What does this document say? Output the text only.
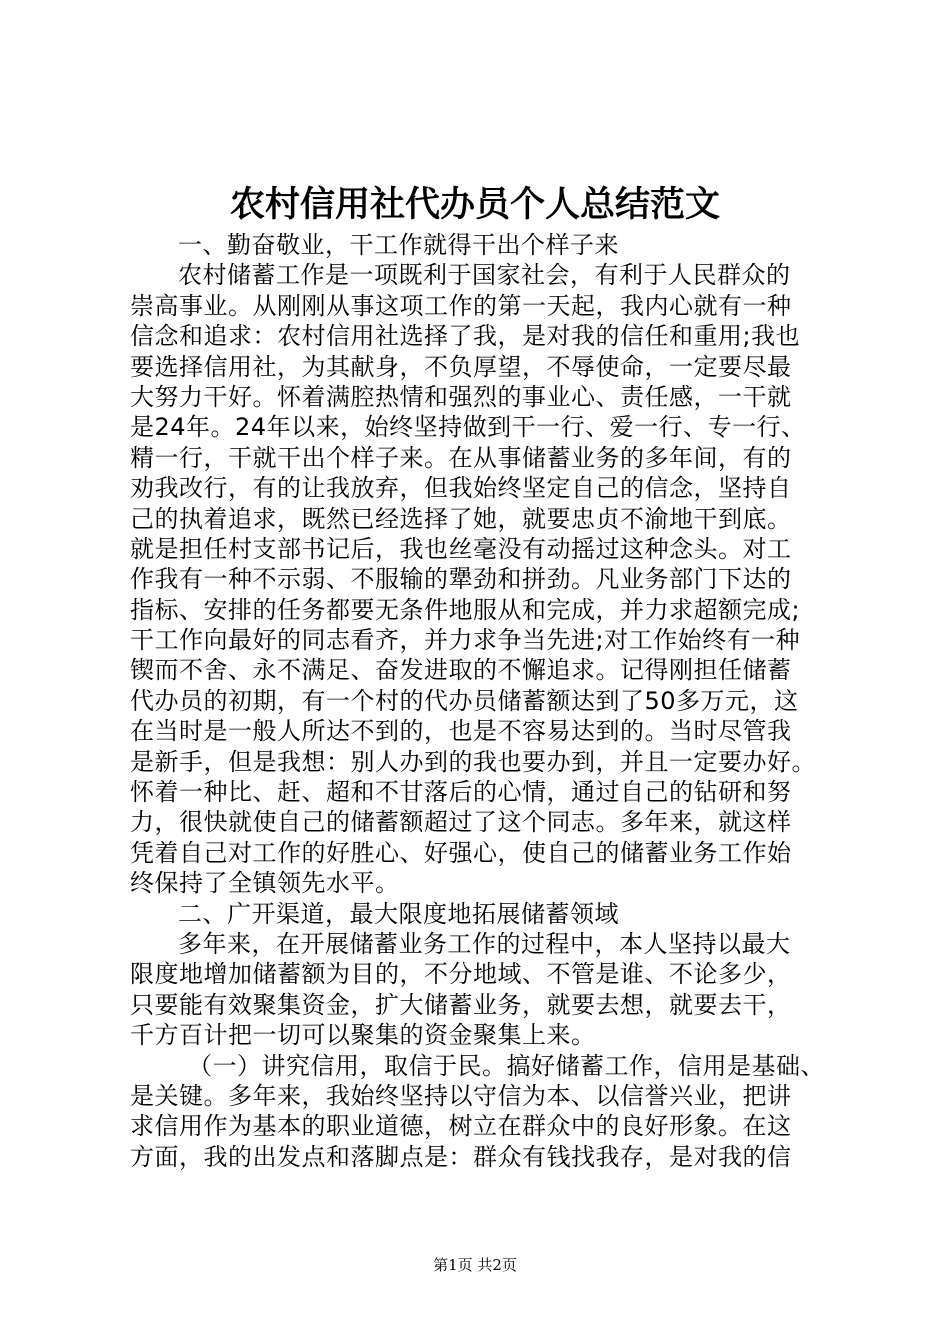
农村信用社代办员个人总结范文
一、勤奋敬业，干工作就得干出个样子来
农村储蓄工作是一项既利于国家社会，有利于人民群众的
崇高事业。从刚刚从事这项工作的第一天起，我内心就有一种
信念和追求：农村信用社选择了我，是对我的信任和重用;我也
要选择信用社，为其献身，不负厚望，不辱使命，一定要尽最
大努力干好。怀着满腔热情和强烈的事业心、责任感，一干就
是24年。24年以来，始终坚持做到干一行、爱一行、专一行、
精一行，干就干出个样子来。在从事储蓄业务的多年间，有的
劝我改行，有的让我放弃，但我始终坚定自己的信念，坚持自
己的执着追求，既然已经选择了她，就要忠贞不渝地干到底。
就是担任村支部书记后，我也丝毫没有动摇过这种念头。对工
作我有一种不示弱、不服输的犟劲和拼劲。凡业务部门下达的
指标、安排的任务都要无条件地服从和完成，并力求超额完成;
干工作向最好的同志看齐，并力求争当先进;对工作始终有一种
锲而不舍、永不满足、奋发进取的不懈追求。记得刚担任储蓄
代办员的初期，有一个村的代办员储蓄额达到了50多万元，这
在当时是一般人所达不到的，也是不容易达到的。当时尽管我
是新手，但是我想：别人办到的我也要办到，并且一定要办好。
怀着一种比、赶、超和不甘落后的心情，通过自己的钻研和努
力，很快就使自己的储蓄额超过了这个同志。多年来，就这样
凭着自己对工作的好胜心、好强心，使自己的储蓄业务工作始
终保持了全镇领先水平。
二、广开渠道，最大限度地拓展储蓄领域
多年来，在开展储蓄业务工作的过程中，本人坚持以最大
限度地增加储蓄额为目的，不分地域、不管是谁、不论多少，
只要能有效聚集资金，扩大储蓄业务，就要去想，就要去干，
千方百计把一切可以聚集的资金聚集上来。
（一）讲究信用，取信于民。搞好储蓄工作，信用是基础、
是关键。多年来，我始终坚持以守信为本、以信誉兴业，把讲
求信用作为基本的职业道德，树立在群众中的良好形象。在这
方面，我的出发点和落脚点是：群众有钱找我存，是对我的信
第1页 共2页
